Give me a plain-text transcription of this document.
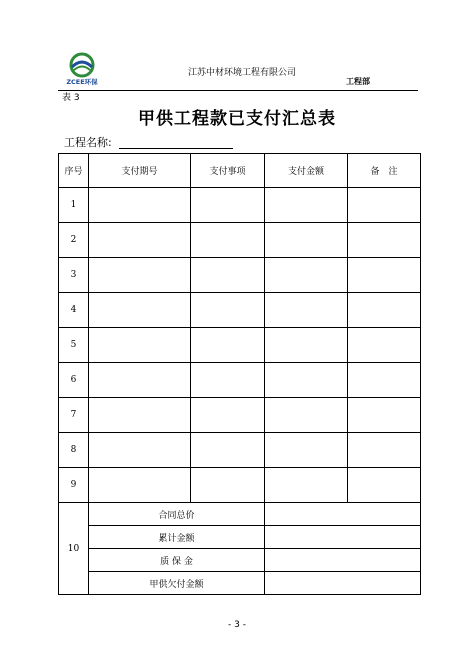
ZCEE环保
江苏中材环境工程有限公司
工程部
表 3
甲供工程款已支付汇总表
工程名称:
序号	支付期号	支付事项	支付金额	备　注
1				
2				
3				
4				
5				
6				
7				
8				
9				
10	合同总价			
	累计金额			
	质 保 金			
	甲供欠付金额			
- 3 -
